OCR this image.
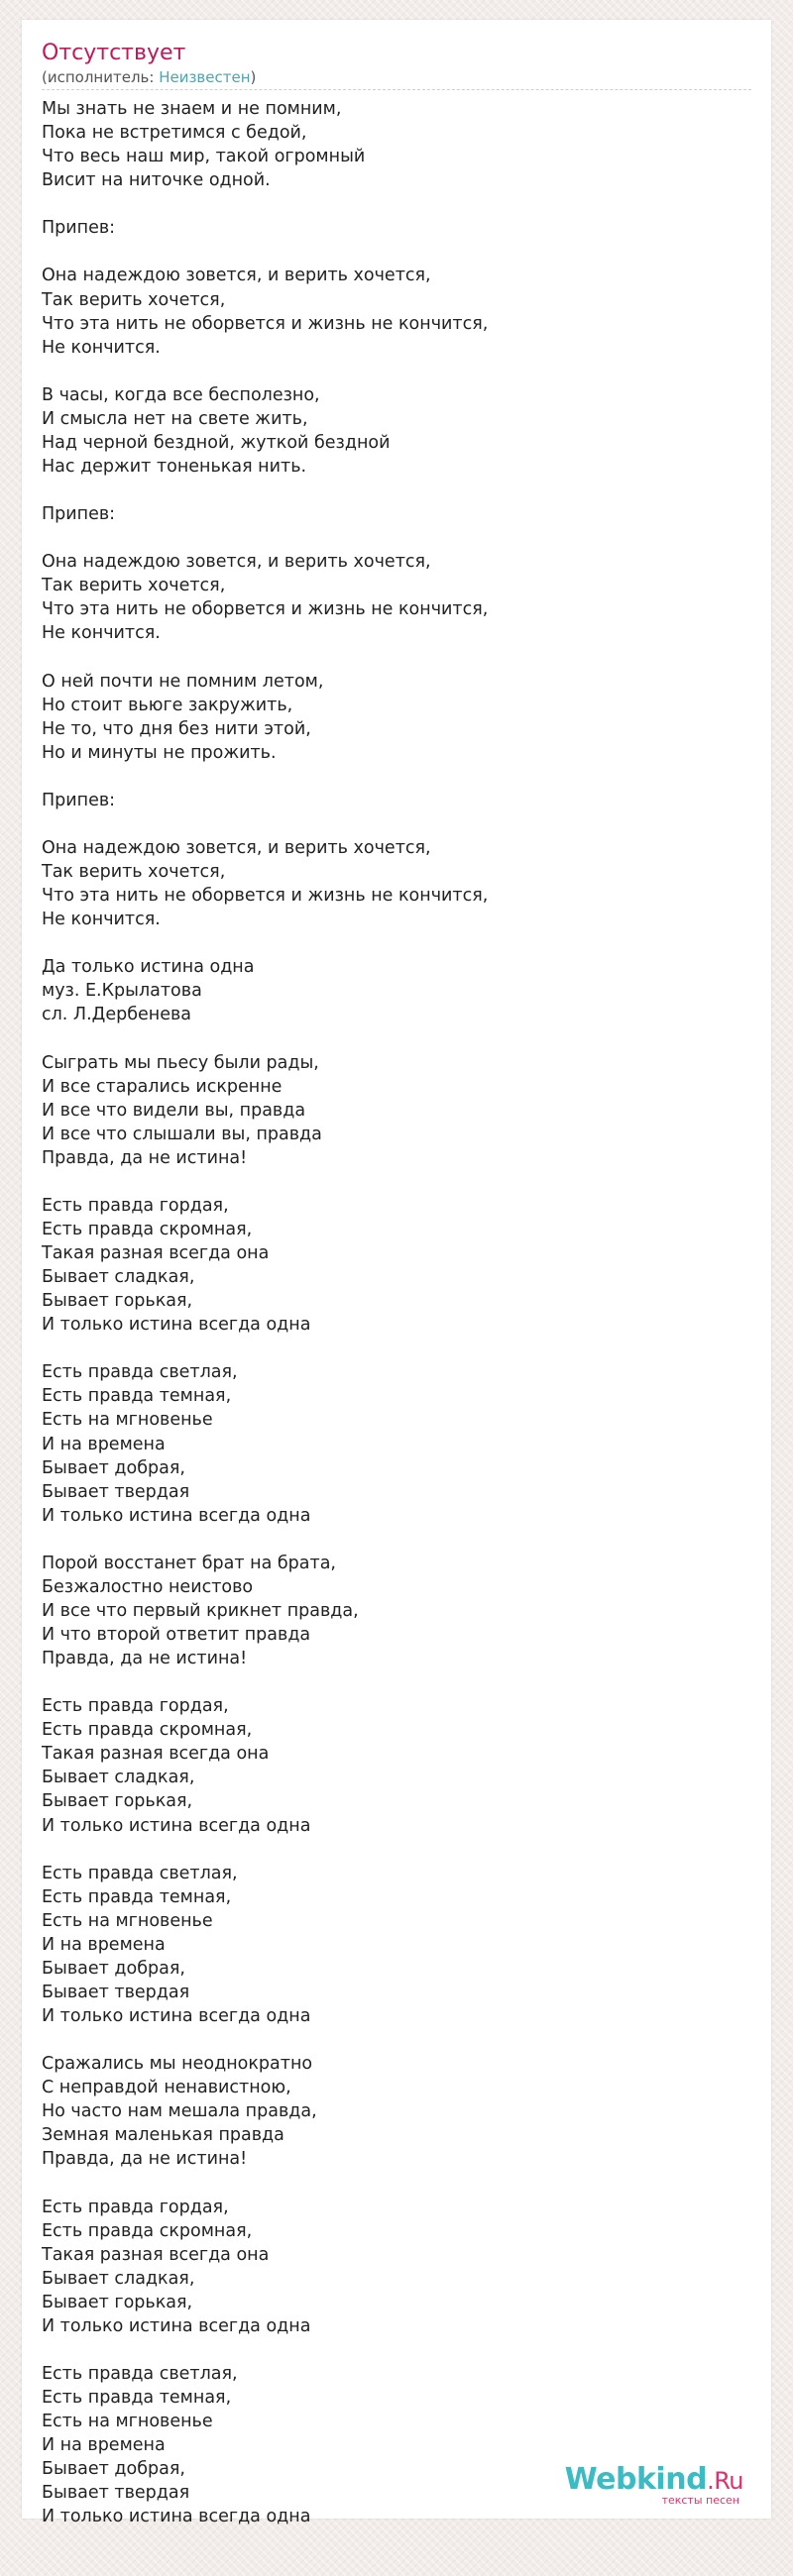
Отсутствует
(исполнитель: Неизвестен)
Мы знать не знаем и не помним,
Пока не встретимся с бедой,
Что весь наш мир, такой огромный
Висит на ниточке одной.

Припев:

Она надеждою зовется, и верить хочется,
Так верить хочется,
Что эта нить не оборвется и жизнь не кончится,
Не кончится.

В часы, когда все бесполезно,
И смысла нет на свете жить,
Над черной бездной, жуткой бездной
Нас держит тоненькая нить.

Припев:

Она надеждою зовется, и верить хочется,
Так верить хочется,
Что эта нить не оборвется и жизнь не кончится,
Не кончится.

О ней почти не помним летом,
Но стоит вьюге закружить,
Не то, что дня без нити этой,
Но и минуты не прожить.

Припев:

Она надеждою зовется, и верить хочется,
Так верить хочется,
Что эта нить не оборвется и жизнь не кончится,
Не кончится.

Да только истина одна
муз. Е.Крылатова
сл. Л.Дербенева

Сыграть мы пьесу были рады,
И все старались искренне
И все что видели вы, правда
И все что слышали вы, правда
Правда, да не истина!

Есть правда гордая,
Есть правда скромная,
Такая разная всегда она
Бывает сладкая,
Бывает горькая,
И только истина всегда одна

Есть правда светлая,
Есть правда темная,
Есть на мгновенье
И на времена
Бывает добрая,
Бывает твердая
И только истина всегда одна

Порой восстанет брат на брата,
Безжалостно неистово
И все что первый крикнет правда,
И что второй ответит правда
Правда, да не истина!

Есть правда гордая,
Есть правда скромная,
Такая разная всегда она
Бывает сладкая,
Бывает горькая,
И только истина всегда одна

Есть правда светлая,
Есть правда темная,
Есть на мгновенье
И на времена
Бывает добрая,
Бывает твердая
И только истина всегда одна

Сражались мы неоднократно
С неправдой ненавистною,
Но часто нам мешала правда,
Земная маленькая правда
Правда, да не истина!

Есть правда гордая,
Есть правда скромная,
Такая разная всегда она
Бывает сладкая,
Бывает горькая,
И только истина всегда одна

Есть правда светлая,
Есть правда темная,
Есть на мгновенье
И на времена
Бывает добрая,
Бывает твердая
И только истина всегда одна
Webkind.Ru
тексты песен
